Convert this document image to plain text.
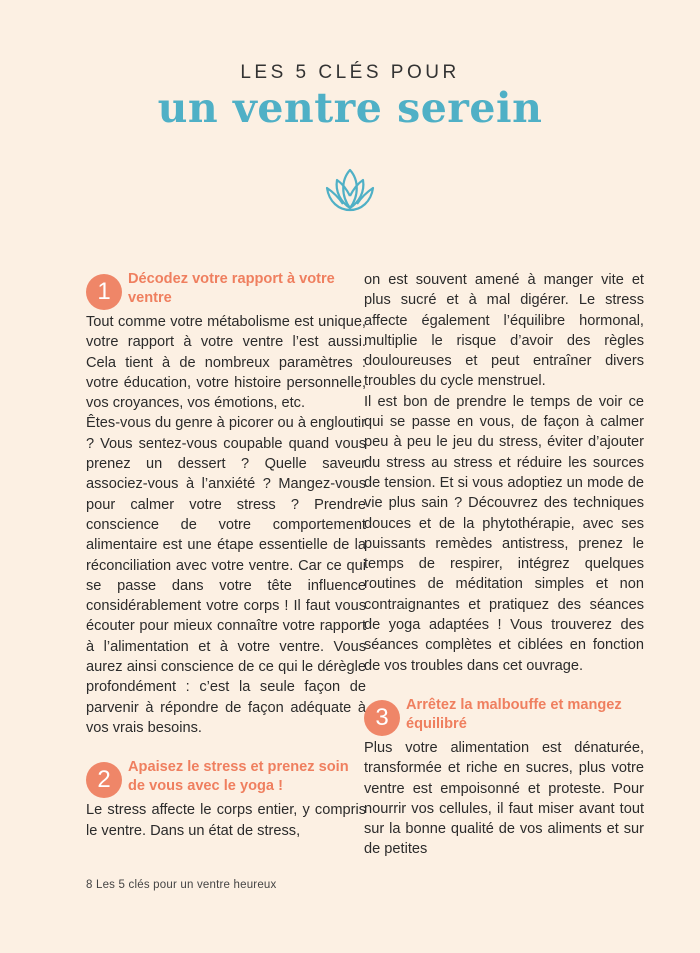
LES 5 CLÉS POUR
un ventre serein
1	Décodez votre rapport à votre ventre

Tout comme votre métabolisme est unique, votre rapport à votre ventre l’est aussi. Cela tient à de nombreux paramètres : votre éducation, votre histoire personnelle, vos croyances, vos émotions, etc.

Êtes-vous du genre à picorer ou à engloutir ? Vous sentez-vous coupable quand vous prenez un dessert ? Quelle saveur associez-vous à l’anxiété ? Mangez-vous pour calmer votre stress ? Prendre conscience de votre comportement alimentaire est une étape essentielle de la réconciliation avec votre ventre. Car ce qui se passe dans votre tête influence considérablement votre corps ! Il faut vous écouter pour mieux connaître votre rapport à l’alimentation et à votre ventre. Vous aurez ainsi conscience de ce qui le dérègle profondément : c’est la seule façon de parvenir à répondre de façon adéquate à vos vrais besoins.

2	Apaisez le stress et prenez soin de vous avec le yoga !

Le stress affecte le corps entier, y compris le ventre. Dans un état de stress,

on est souvent amené à manger vite et plus sucré et à mal digérer. Le stress affecte également l’équilibre hormonal, multiplie le risque d’avoir des règles douloureuses et peut entraîner divers troubles du cycle menstruel.

Il est bon de prendre le temps de voir ce qui se passe en vous, de façon à calmer peu à peu le jeu du stress, éviter d’ajouter du stress au stress et réduire les sources de tension. Et si vous adoptiez un mode de vie plus sain ? Découvrez des techniques douces et de la phytothérapie, avec ses puissants remèdes antistress, prenez le temps de respirer, intégrez quelques routines de méditation simples et non contraignantes et pratiquez des séances de yoga adaptées ! Vous trouverez des séances complètes et ciblées en fonction de vos troubles dans cet ouvrage.

3	Arrêtez la malbouffe et mangez équilibré

Plus votre alimentation est dénaturée, transformée et riche en sucres, plus votre ventre est empoisonné et proteste. Pour nourrir vos cellules, il faut miser avant tout sur la bonne qualité de vos aliments et sur de petites

8 Les 5 clés pour un ventre heureux
